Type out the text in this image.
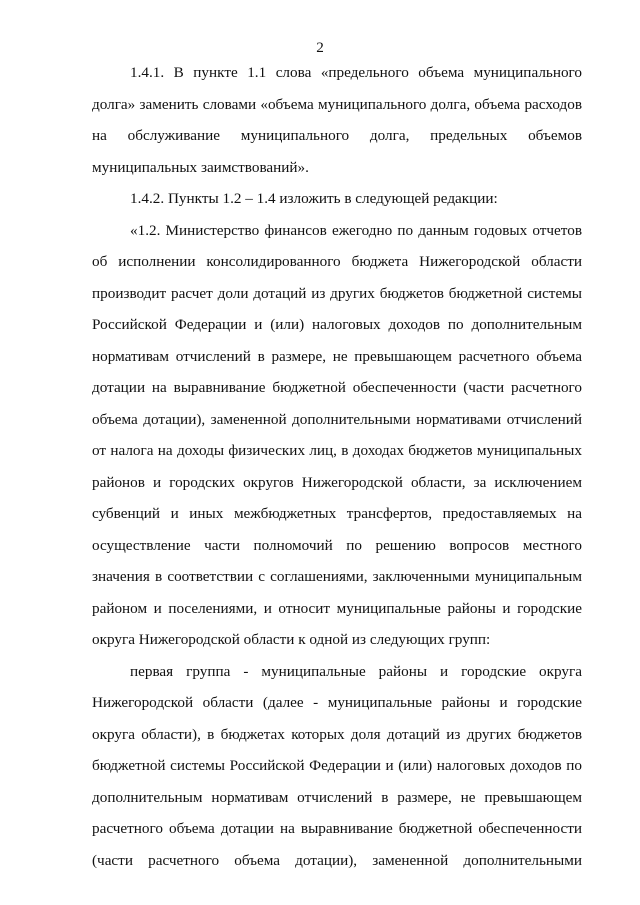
2
1.4.1. В пункте 1.1 слова «предельного объема муниципального
долга» заменить словами «объема муниципального долга, объема расходов
на обслуживание муниципального долга, предельных объемов
муниципальных заимствований».
1.4.2. Пункты 1.2 – 1.4 изложить в следующей редакции:
«1.2. Министерство финансов ежегодно по данным годовых отчетов
об исполнении консолидированного бюджета Нижегородской области
производит расчет доли дотаций из других бюджетов бюджетной системы
Российской Федерации и (или) налоговых доходов по дополнительным
нормативам отчислений в размере, не превышающем расчетного объема
дотации на выравнивание бюджетной обеспеченности (части расчетного
объема дотации), замененной дополнительными нормативами отчислений
от налога на доходы физических лиц, в доходах бюджетов муниципальных
районов и городских округов Нижегородской области, за исключением
субвенций и иных межбюджетных трансфертов, предоставляемых на
осуществление части полномочий по решению вопросов местного
значения в соответствии с соглашениями, заключенными муниципальным
районом и поселениями, и относит муниципальные районы и городские
округа Нижегородской области к одной из следующих групп:
первая группа - муниципальные районы и городские округа
Нижегородской области (далее - муниципальные районы и городские
округа области), в бюджетах которых доля дотаций из других бюджетов
бюджетной системы Российской Федерации и (или) налоговых доходов по
дополнительным нормативам отчислений в размере, не превышающем
расчетного объема дотации на выравнивание бюджетной обеспеченности
(части расчетного объема дотации), замененной дополнительными
